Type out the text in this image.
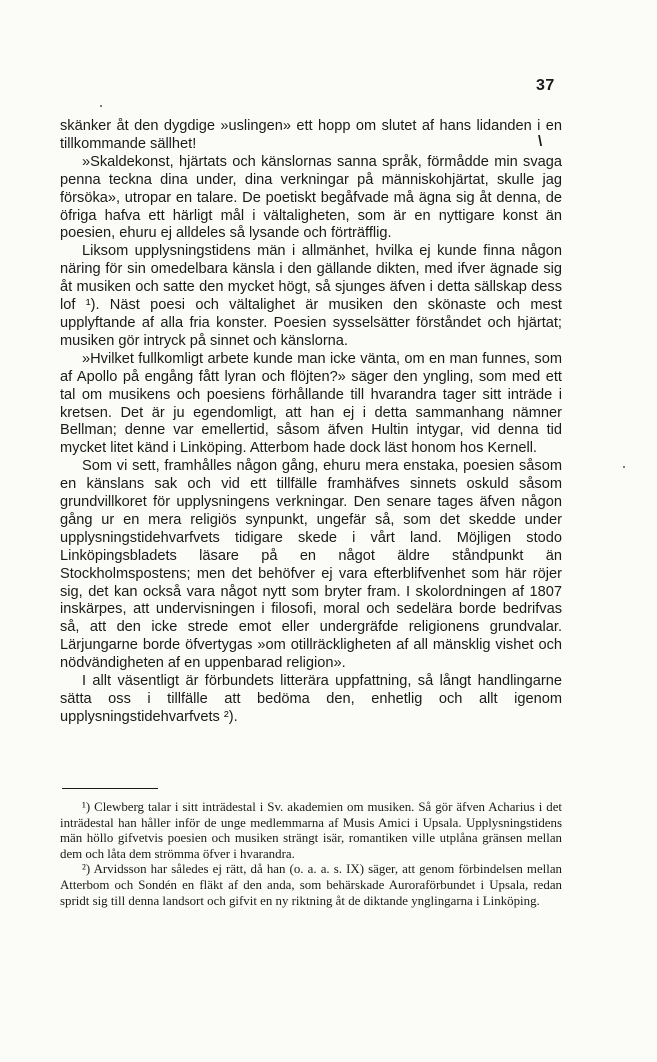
\
37

skänker åt den dygdige »uslingen» ett hopp om slutet af hans lidanden i en tillkommande sällhet!

»Skaldekonst, hjärtats och känslornas sanna språk, förmådde min svaga penna teckna dina under, dina verkningar på människohjärtat, skulle jag försöka», utropar en talare. De poetiskt begåfvade må ägna sig åt denna, de öfriga hafva ett härligt mål i vältaligheten, som är en nyttigare konst än poesien, ehuru ej alldeles så lysande och förträfflig.

Liksom upplysningstidens män i allmänhet, hvilka ej kunde finna någon näring för sin omedelbara känsla i den gällande dikten, med ifver ägnade sig åt musiken och satte den mycket högt, så sjunges äfven i detta sällskap dess lof ¹). Näst poesi och vältalighet är musiken den skönaste och mest upplyftande af alla fria konster. Poesien sysselsätter förståndet och hjärtat; musiken gör intryck på sinnet och känslorna.

»Hvilket fullkomligt arbete kunde man icke vänta, om en man funnes, som af Apollo på engång fått lyran och flöjten?» säger den yngling, som med ett tal om musikens och poesiens förhållande till hvarandra tager sitt inträde i kretsen. Det är ju egendomligt, att han ej i detta sammanhang nämner Bellman; denne var emellertid, såsom äfven Hultin intygar, vid denna tid mycket litet känd i Linköping. Atterbom hade dock läst honom hos Kernell.

Som vi sett, framhålles någon gång, ehuru mera enstaka, poesien såsom en känslans sak och vid ett tillfälle framhäfves sinnets oskuld såsom grundvillkoret för upplysningens verkningar. Den senare tages äfven någon gång ur en mera religiös synpunkt, ungefär så, som det skedde under upplysningstidehvarfvets tidigare skede i vårt land. Möjligen stodo Linköpingsbladets läsare på en något äldre ståndpunkt än Stockholmspostens; men det behöfver ej vara efterblifvenhet som här röjer sig, det kan också vara något nytt som bryter fram. I skolordningen af 1807 inskärpes, att undervisningen i filosofi, moral och sedelära borde bedrifvas så, att den icke strede emot eller undergräfde religionens grundvalar. Lärjungarne borde öfvertygas »om otillräckligheten af all mänsklig vishet och nödvändigheten af en uppenbarad religion».

I allt väsentligt är förbundets litterära uppfattning, så långt handlingarne sätta oss i tillfälle att bedöma den, enhetlig och allt igenom upplysningstidehvarfvets ²).

¹) Clewberg talar i sitt inträdestal i Sv. akademien om musiken. Så gör äfven Acharius i det inträdestal han håller inför de unge medlemmarna af Musis Amici i Upsala. Upplysningstidens män höllo gifvetvis poesien och musiken strängt isär, romantiken ville utplåna gränsen mellan dem och låta dem strömma öfver i hvarandra.

²) Arvidsson har således ej rätt, då han (o. a. a. s. IX) säger, att genom förbindelsen mellan Atterbom och Sondén en fläkt af den anda, som behärskade Aurorаförbundet i Upsala, redan spridt sig till denna landsort och gifvit en ny riktning åt de diktande ynglingarna i Linköping.
